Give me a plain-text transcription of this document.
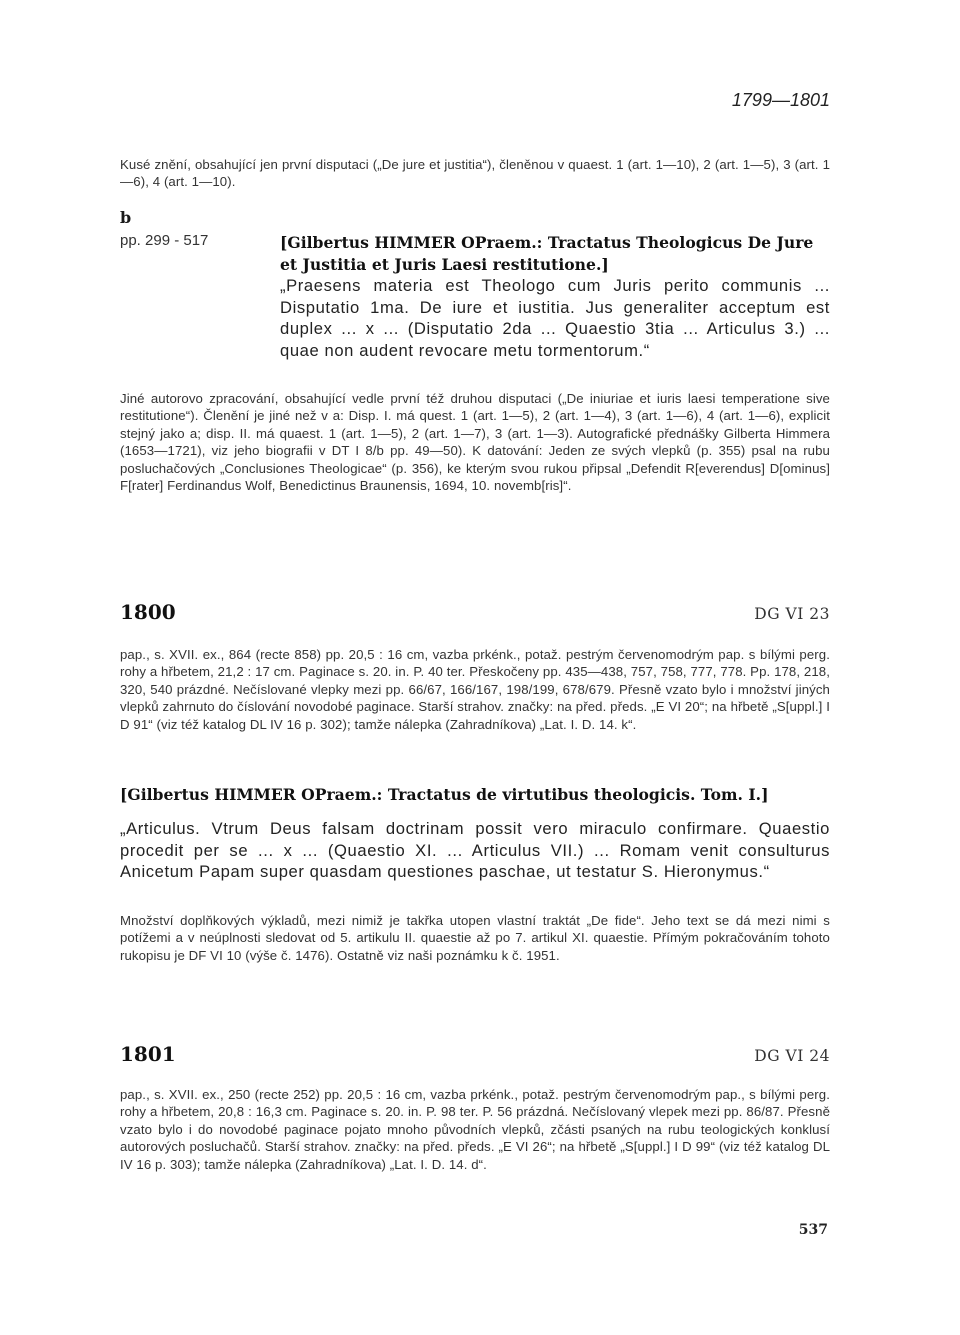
1799—1801

Kusé znění, obsahující jen první disputaci („De jure et justitia“), členěnou v quaest. 1 (art. 1—10), 2 (art. 1—5), 3 (art. 1—6), 4 (art. 1—10).

b
pp. 299 - 517	[Gilbertus HIMMER OPraem.: Tractatus Theologicus De Jure et Justitia et Juris Laesi restitutione.]

„Praesens materia est Theologo cum Juris perito communis ... Disputatio 1ma. De iure et iustitia. Jus generaliter acceptum est duplex ... x ... (Disputatio 2da ... Quaestio 3tia ... Articulus 3.) ... quae non audent revocare metu tormentorum.“

Jiné autorovo zpracování, obsahující vedle první též druhou disputaci („De iniuriae et iuris laesi temperatione sive restitutione“). Členění je jiné než v a: Disp. I. má quest. 1 (art. 1—5), 2 (art. 1—4), 3 (art. 1—6), 4 (art. 1—6), explicit stejný jako a; disp. II. má quaest. 1 (art. 1—5), 2 (art. 1—7), 3 (art. 1—3). Autografické přednášky Gilberta Himmera (1653—1721), viz jeho biografii v DT I 8/b pp. 49—50). K datování: Jeden ze svých vlepků (p. 355) psal na rubu posluchačových „Conclusiones Theologicae“ (p. 356), ke kterým svou rukou připsal „Defendit R[everendus] D[ominus] F[rater] Ferdinandus Wolf, Benedictinus Braunensis, 1694, 10. novemb[ris]“.

1800	DG VI 23

pap., s. XVII. ex., 864 (recte 858) pp. 20,5 : 16 cm, vazba prkénk., potaž. pestrým červenomodrým pap. s bílými perg. rohy a hřbetem, 21,2 : 17 cm. Paginace s. 20. in. P. 40 ter. Přeskočeny pp. 435—438, 757, 758, 777, 778. Pp. 178, 218, 320, 540 prázdné. Nečíslované vlepky mezi pp. 66/67, 166/167, 198/199, 678/679. Přesně vzato bylo i množství jiných vlepků zahrnuto do číslování novodobé paginace. Starší strahov. značky: na před. předs. „E VI 20“; na hřbetě „S[uppl.] I D 91“ (viz též katalog DL IV 16 p. 302); tamže nálepka (Zahradníkova) „Lat. I. D. 14. k“.

[Gilbertus HIMMER OPraem.: Tractatus de virtutibus theologicis. Tom. I.]

„Articulus. Vtrum Deus falsam doctrinam possit vero miraculo confirmare. Quaestio procedit per se ... x ... (Quaestio XI. ... Articulus VII.) ... Romam venit consulturus Anicetum Papam super quasdam questiones paschae, ut testatur S. Hieronymus.“

Množství doplňkových výkladů, mezi nimiž je takřka utopen vlastní traktát „De fide“. Jeho text se dá mezi nimi s potížemi a v neúplnosti sledovat od 5. artikulu II. quaestie až po 7. artikul XI. quaestie. Přímým pokračováním tohoto rukopisu je DF VI 10 (výše č. 1476). Ostatně viz naši poznámku k č. 1951.

1801	DG VI 24

pap., s. XVII. ex., 250 (recte 252) pp. 20,5 : 16 cm, vazba prkénk., potaž. pestrým červenomodrým pap., s bílými perg. rohy a hřbetem, 20,8 : 16,3 cm. Paginace s. 20. in. P. 98 ter. P. 56 prázdná. Nečíslovaný vlepek mezi pp. 86/87. Přesně vzato bylo i do novodobé paginace pojato mnoho původních vlepků, zčásti psaných na rubu teologických konklusí autorových posluchačů. Starší strahov. značky: na před. předs. „E VI 26“; na hřbetě „S[uppl.] I D 99“ (viz též katalog DL IV 16 p. 303); tamže nálepka (Zahradníkova) „Lat. I. D. 14. d“.

537
